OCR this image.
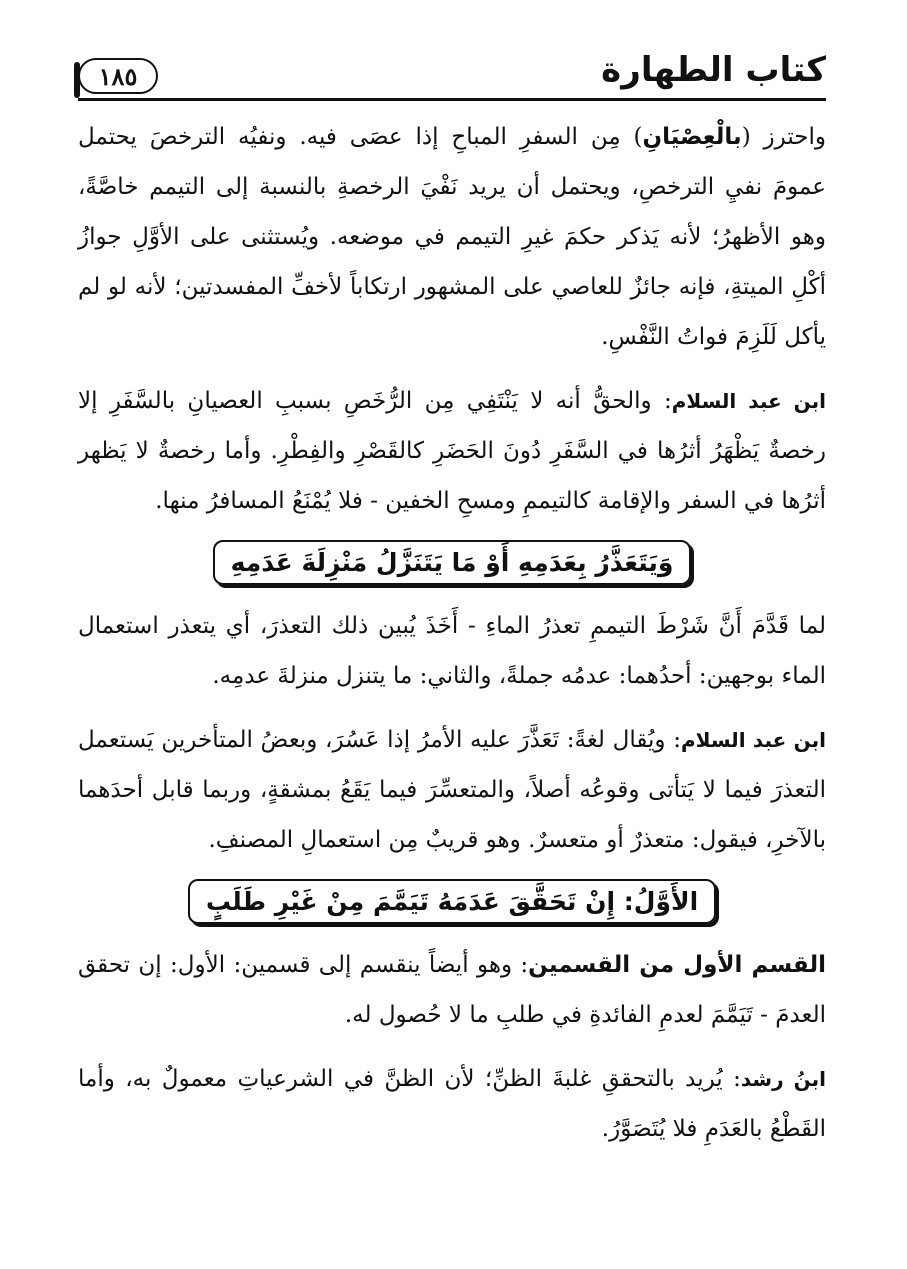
١٨٥	كتاب الطهارة

واحترز (بالْعِصْيَانِ) مِن السفرِ المباحِ إذا عصَى فيه. ونفيُه الترخصَ يحتمل عمومَ نفيِ الترخصِ، ويحتمل أن يريد نَفْيَ الرخصةِ بالنسبة إلى التيمم خاصَّةً، وهو الأظهرُ؛ لأنه يَذكر حكمَ غيرِ التيمم في موضعه. ويُستثنى على الأوَّلِ جوازُ أكْلِ الميتةِ، فإنه جائزٌ للعاصي على المشهور ارتكاباً لأخفِّ المفسدتين؛ لأنه لو لم يأكل لَلَزِمَ فواتُ النَّفْسِ.

ابن عبد السلام: والحقُّ أنه لا يَنْتَفِي مِن الرُّخَصِ بسببِ العصيانِ بالسَّفَرِ إلا رخصةٌ يَظْهَرُ أثرُها في السَّفَرِ دُونَ الحَضَرِ كالقَصْرِ والفِطْرِ. وأما رخصةٌ لا يَظهر أثرُها في السفر والإقامة كالتيممِ ومسحِ الخفين - فلا يُمْنَعُ المسافرُ منها.

وَيَتَعَذَّرُ بِعَدَمِهِ أَوْ مَا يَتَنَزَّلُ مَنْزِلَةَ عَدَمِهِ

لما قَدَّمَ أَنَّ شَرْطَ التيممِ تعذرُ الماءِ - أَخَذَ يُبين ذلك التعذرَ، أي يتعذر استعمال الماء بوجهين: أحدُهما: عدمُه جملةً، والثاني: ما يتنزل منزلةَ عدمِه.

ابن عبد السلام: ويُقال لغةً: تَعَذَّرَ عليه الأمرُ إذا عَسُرَ، وبعضُ المتأخرين يَستعمل التعذرَ فيما لا يَتأتى وقوعُه أصلاً، والمتعسِّرَ فيما يَقَعُ بمشقةٍ، وربما قابل أحدَهما بالآخرِ، فيقول: متعذرٌ أو متعسرٌ. وهو قريبٌ مِن استعمالِ المصنفِ.

الأَوَّلُ: إِنْ تَحَقَّقَ عَدَمَهُ تَيَمَّمَ مِنْ غَيْرِ طَلَبٍ

القسم الأول من القسمين: وهو أيضاً ينقسم إلى قسمين: الأول: إن تحقق العدمَ - تَيَمَّمَ لعدمِ الفائدةِ في طلبِ ما لا حُصول له.

ابنُ رشد: يُريد بالتحققِ غلبةَ الظنِّ؛ لأن الظنَّ في الشرعياتِ معمولٌ به، وأما القَطْعُ بالعَدَمِ فلا يُتَصَوَّرُ.
